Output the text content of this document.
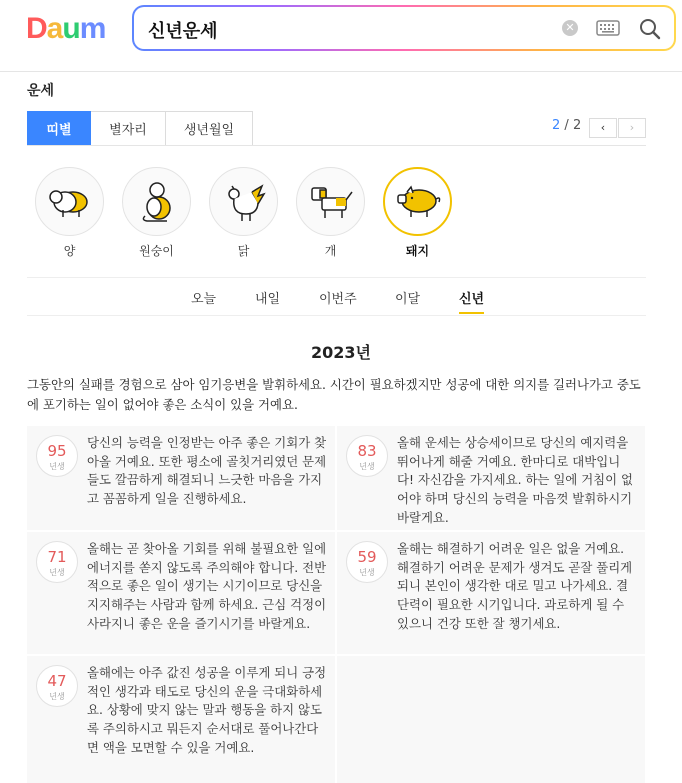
Daum 신년운세	✕
운세
띠별	별자리	생년월일	2 / 2	‹	›
양	원숭이	닭	개	돼지
오늘	내일	이번주	이달	신년
2023년
그동안의 실패를 경험으로 삼아 임기응변을 발휘하세요. 시간이 필요하겠지만 성공에 대한 의지를 길러나가고 중도에 포기하는 일이 없어야 좋은 소식이 있을 거예요.
95
년생
당신의 능력을 인정받는 아주 좋은 기회가 찾아올 거예요. 또한 평소에 골칫거리였던 문제들도 깔끔하게 해결되니 느긋한 마음을 가지고 꼼꼼하게 일을 진행하세요.
83
년생
올해 운세는 상승세이므로 당신의 예지력을 뛰어나게 해줄 거예요. 한마디로 대박입니다! 자신감을 가지세요. 하는 일에 거침이 없어야 하며 당신의 능력을 마음껏 발휘하시기 바랄게요.
71
년생
올해는 곧 찾아올 기회를 위해 불필요한 일에 에너지를 쏟지 않도록 주의해야 합니다. 전반적으로 좋은 일이 생기는 시기이므로 당신을 지지해주는 사람과 함께 하세요. 근심 걱정이 사라지니 좋은 운을 즐기시기를 바랄게요.
59
년생
올해는 해결하기 어려운 일은 없을 거예요. 해결하기 어려운 문제가 생겨도 곧잘 풀리게 되니 본인이 생각한 대로 밀고 나가세요. 결단력이 필요한 시기입니다. 과로하게 될 수 있으니 건강 또한 잘 챙기세요.
47
년생
올해에는 아주 값진 성공을 이루게 되니 긍정적인 생각과 태도로 당신의 운을 극대화하세요. 상황에 맞지 않는 말과 행동을 하지 않도록 주의하시고 뭐든지 순서대로 풀어나간다면 액을 모면할 수 있을 거예요.
